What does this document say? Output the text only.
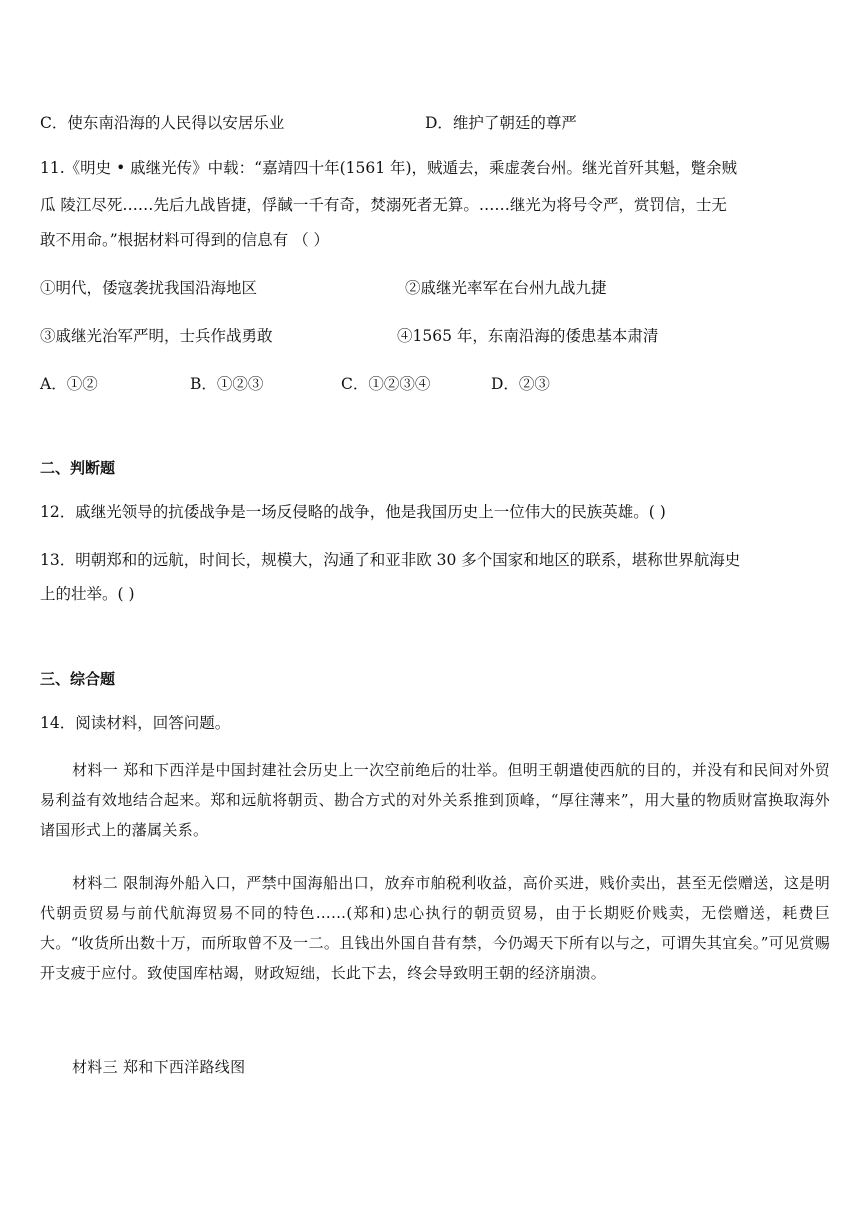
C．使东南沿海的人民得以安居乐业	D．维护了朝廷的尊严
11.《明史 • 戚继光传》中载：“嘉靖四十年(1561 年)，贼遁去，乘虚袭台州。继光首歼其魁，蹩余贼
瓜 陵江尽死……先后九战皆捷，俘馘一千有奇，焚溺死者无算。……继光为将号令严，赏罚信，士无
敢不用命。”根据材料可得到的信息有 （ ）
①明代，倭寇袭扰我国沿海地区	②戚继光率军在台州九战九捷
③戚继光治军严明，士兵作战勇敢	④1565 年，东南沿海的倭患基本肃清
A．①②	B．①②③	C．①②③④	D．②③
二、判断题
12．戚继光领导的抗倭战争是一场反侵略的战争，他是我国历史上一位伟大的民族英雄。( )
13．明朝郑和的远航，时间长，规模大，沟通了和亚非欧 30 多个国家和地区的联系，堪称世界航海史
上的壮举。( )
三、综合题
14．阅读材料，回答问题。
材料一 郑和下西洋是中国封建社会历史上一次空前绝后的壮举。但明王朝遣使西航的目的，并没有和民间对外贸易利益有效地结合起来。郑和远航将朝贡、勘合方式的对外关系推到顶峰，“厚往薄来”，用大量的物质财富换取海外诸国形式上的藩属关系。
材料二 限制海外船入口，严禁中国海船出口，放弃市舶税利收益，高价买进，贱价卖出，甚至无偿赠送，这是明代朝贡贸易与前代航海贸易不同的特色……(郑和)忠心执行的朝贡贸易，由于长期贬价贱卖，无偿赠送，耗费巨大。“收货所出数十万，而所取曾不及一二。且钱出外国自昔有禁，今仍竭天下所有以与之，可谓失其宜矣。”可见赏赐开支疲于应付。致使国库枯竭，财政短绌，长此下去，终会导致明王朝的经济崩溃。
材料三 郑和下西洋路线图
